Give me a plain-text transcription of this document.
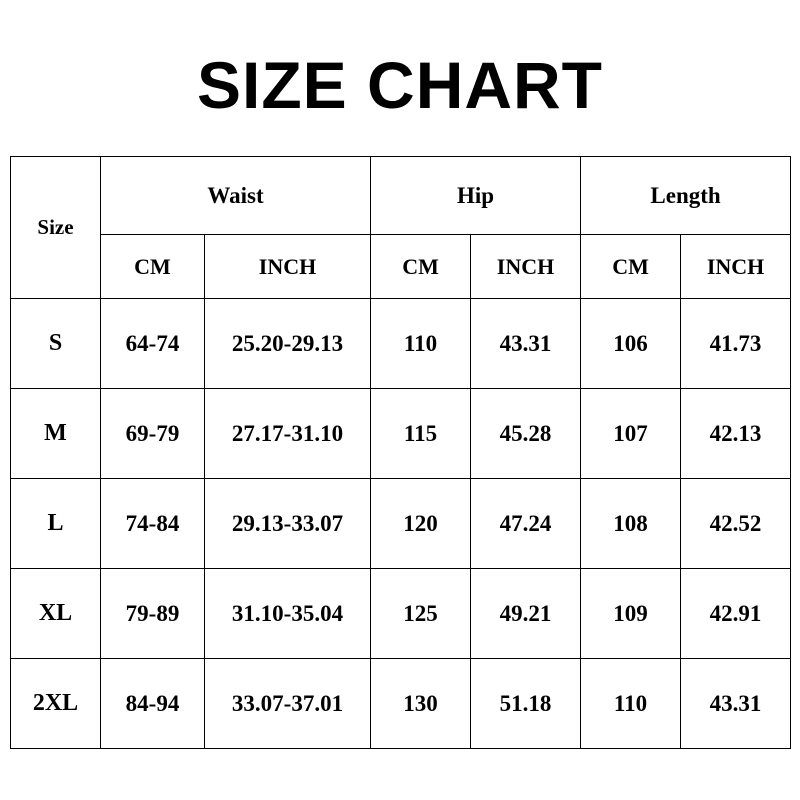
SIZE CHART
Size	Waist		Hip		Length	
	CM	INCH	CM	INCH	CM	INCH
S	64-74	25.20-29.13	110	43.31	106	41.73
M	69-79	27.17-31.10	115	45.28	107	42.13
L	74-84	29.13-33.07	120	47.24	108	42.52
XL	79-89	31.10-35.04	125	49.21	109	42.91
2XL	84-94	33.07-37.01	130	51.18	110	43.31
